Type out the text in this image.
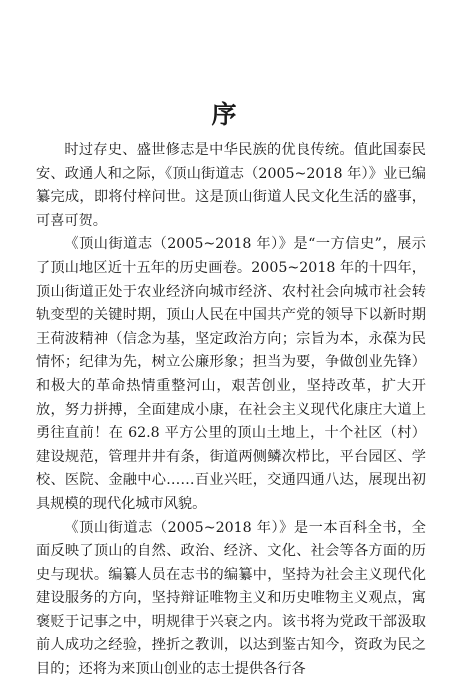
序

时过存史、盛世修志是中华民族的优良传统。值此国泰民安、政通人和之际，《顶山街道志（2005~2018 年）》业已编纂完成，即将付梓问世。这是顶山街道人民文化生活的盛事，可喜可贺。

《顶山街道志（2005~2018 年）》是“一方信史”，展示了顶山地区近十五年的历史画卷。2005~2018 年的十四年，顶山街道正处于农业经济向城市经济、农村社会向城市社会转轨变型的关键时期，顶山人民在中国共产党的领导下以新时期王荷波精神（信念为基，坚定政治方向；宗旨为本，永葆为民情怀；纪律为先，树立公廉形象；担当为要，争做创业先锋）和极大的革命热情重整河山，艰苦创业，坚持改革，扩大开放，努力拼搏，全面建成小康，在社会主义现代化康庄大道上勇往直前！在 62.8 平方公里的顶山土地上，十个社区（村）建设规范，管理井井有条，街道两侧鳞次栉比，平台园区、学校、医院、金融中心……百业兴旺，交通四通八达，展现出初具规模的现代化城市风貌。

《顶山街道志（2005~2018 年）》是一本百科全书，全面反映了顶山的自然、政治、经济、文化、社会等各方面的历史与现状。编纂人员在志书的编纂中，坚持为社会主义现代化建设服务的方向，坚持辩证唯物主义和历史唯物主义观点，寓褒贬于记事之中，明规律于兴衰之内。该书将为党政干部汲取前人成功之经验，挫折之教训，以达到鉴古知今，资政为民之目的；还将为来顶山创业的志士提供各行各
